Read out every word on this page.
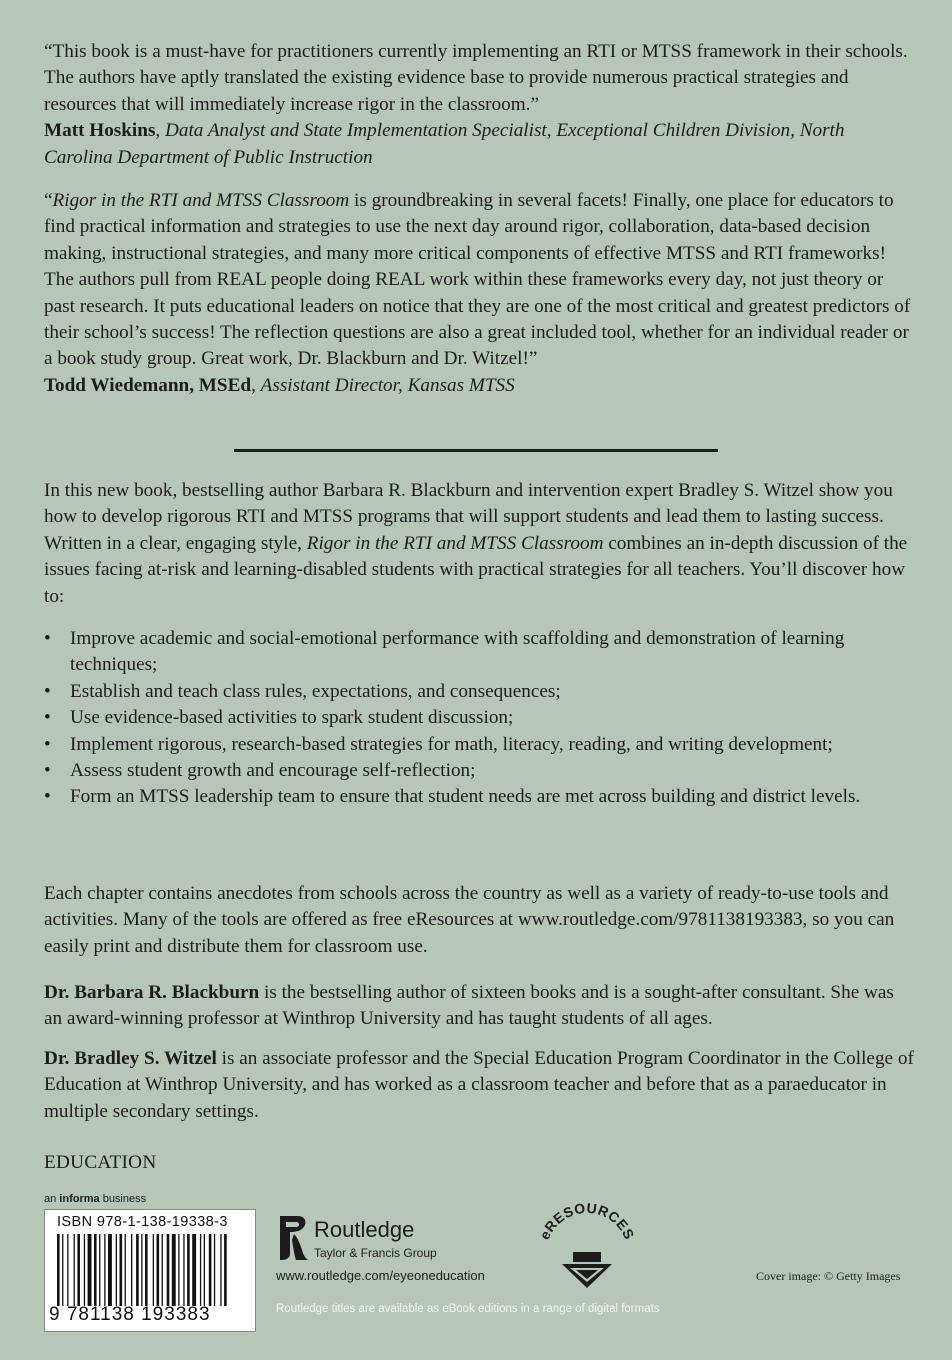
“This book is a must-have for practitioners currently implementing an RTI or MTSS framework in their schools. The authors have aptly translated the existing evidence base to provide numerous practical strategies and resources that will immediately increase rigor in the classroom.”

Matt Hoskins, Data Analyst and State Implementation Specialist, Exceptional Children Division, North Carolina Department of Public Instruction

“Rigor in the RTI and MTSS Classroom is groundbreaking in several facets! Finally, one place for educators to find practical information and strategies to use the next day around rigor, collaboration, data-based decision making, instructional strategies, and many more critical components of effective MTSS and RTI frameworks! The authors pull from REAL people doing REAL work within these frameworks every day, not just theory or past research. It puts educational leaders on notice that they are one of the most critical and greatest predictors of their school’s success! The reflection questions are also a great included tool, whether for an individual reader or a book study group. Great work, Dr. Blackburn and Dr. Witzel!”

Todd Wiedemann, MSEd, Assistant Director, Kansas MTSS

In this new book, bestselling author Barbara R. Blackburn and intervention expert Bradley S. Witzel show you how to develop rigorous RTI and MTSS programs that will support students and lead them to lasting success. Written in a clear, engaging style, Rigor in the RTI and MTSS Classroom combines an in-depth discussion of the issues facing at-risk and learning-disabled students with practical strategies for all teachers. You’ll discover how to:

• Improve academic and social-emotional performance with scaffolding and demonstration of learning techniques;
• Establish and teach class rules, expectations, and consequences;
• Use evidence-based activities to spark student discussion;
• Implement rigorous, research-based strategies for math, literacy, reading, and writing development;
• Assess student growth and encourage self-reflection;
• Form an MTSS leadership team to ensure that student needs are met across building and district levels.

Each chapter contains anecdotes from schools across the country as well as a variety of ready-to-use tools and activities. Many of the tools are offered as free eResources at www.routledge.com/9781138193383, so you can easily print and distribute them for classroom use.

Dr. Barbara R. Blackburn is the bestselling author of sixteen books and is a sought-after consultant. She was an award-winning professor at Winthrop University and has taught students of all ages.

Dr. Bradley S. Witzel is an associate professor and the Special Education Program Coordinator in the College of Education at Winthrop University, and has worked as a classroom teacher and before that as a paraeducator in multiple secondary settings.

EDUCATION
an informa business
ISBN 978-1-138-19338-3
9 781138 193383
Routledge
Taylor & Francis Group
www.routledge.com/eyeoneducation
eRESOURCES
Cover image: © Getty Images
Routledge titles are available as eBook editions in a range of digital formats
